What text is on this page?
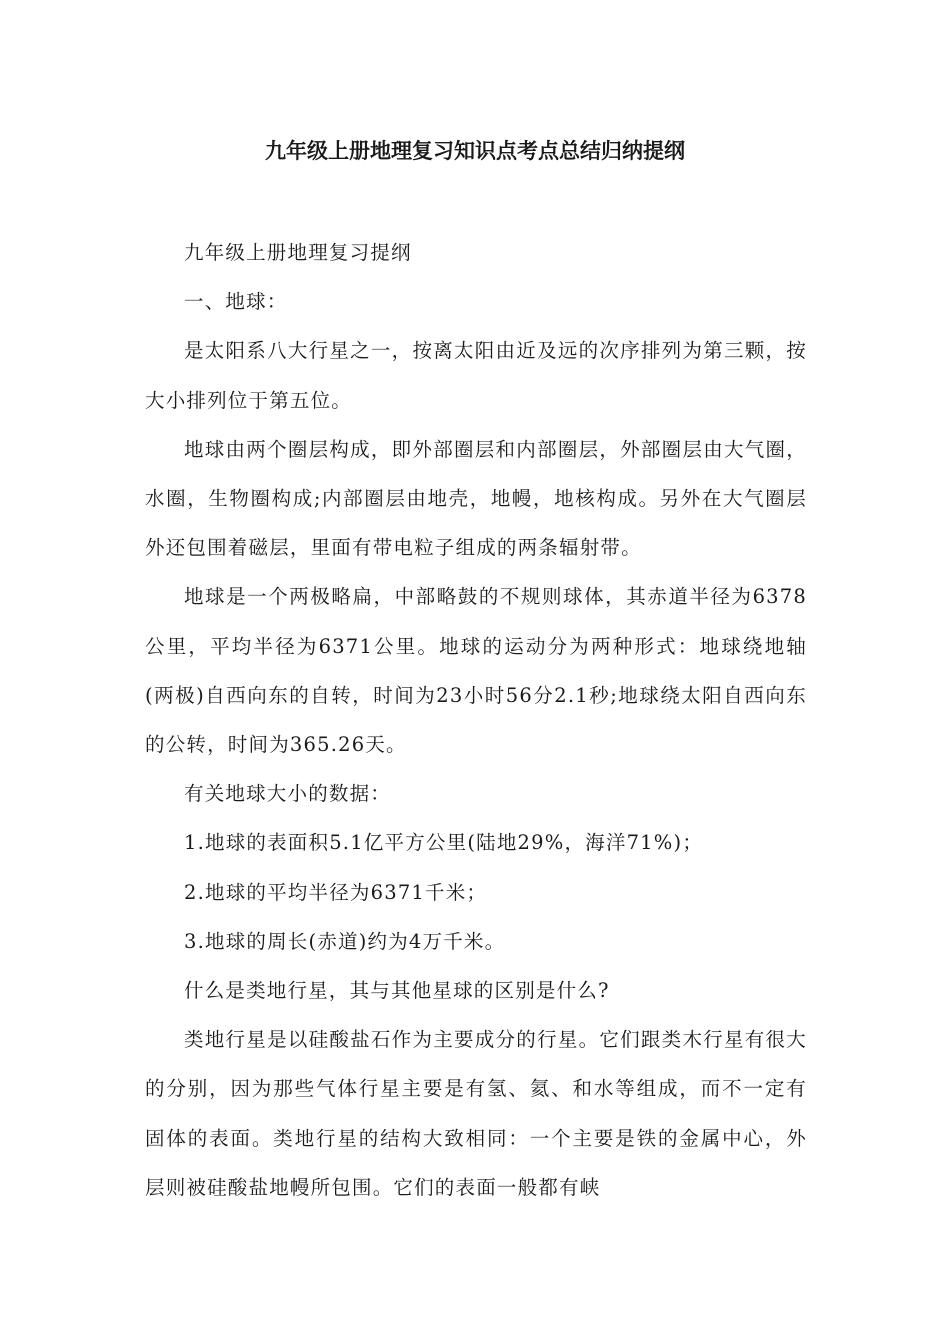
九年级上册地理复习知识点考点总结归纳提纲

九年级上册地理复习提纲

一、地球：

是太阳系八大行星之一，按离太阳由近及远的次序排列为第三颗，按大小排列位于第五位。

地球由两个圈层构成，即外部圈层和内部圈层，外部圈层由大气圈，水圈，生物圈构成;内部圈层由地壳，地幔，地核构成。另外在大气圈层外还包围着磁层，里面有带电粒子组成的两条辐射带。

地球是一个两极略扁，中部略鼓的不规则球体，其赤道半径为6378公里，平均半径为6371公里。地球的运动分为两种形式：地球绕地轴(两极)自西向东的自转，时间为23小时56分2.1秒;地球绕太阳自西向东的公转，时间为365.26天。

有关地球大小的数据：

1.地球的表面积5.1亿平方公里(陆地29%，海洋71%)；

2.地球的平均半径为6371千米；

3.地球的周长(赤道)约为4万千米。

什么是类地行星，其与其他星球的区别是什么?

类地行星是以硅酸盐石作为主要成分的行星。它们跟类木行星有很大的分别，因为那些气体行星主要是有氢、氦、和水等组成，而不一定有固体的表面。类地行星的结构大致相同：一个主要是铁的金属中心，外层则被硅酸盐地幔所包围。它们的表面一般都有峡
